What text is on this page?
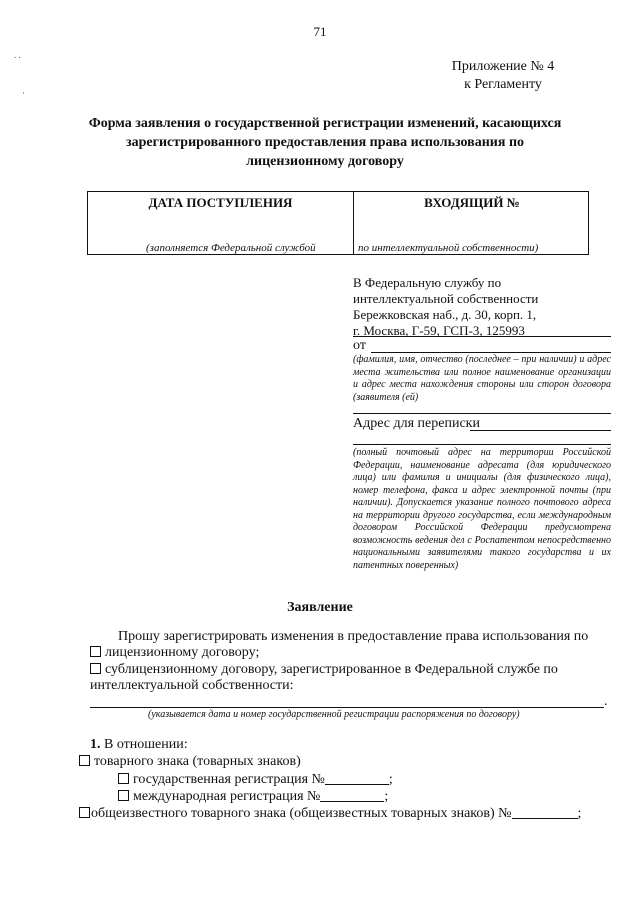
71
. .
·
Приложение № 4
к Регламенту
Форма заявления о государственной регистрации изменений, касающихся
зарегистрированного предоставления права использования по
лицензионному договору
ДАТА ПОСТУПЛЕНИЯ	ВХОДЯЩИЙ №
(заполняется Федеральной службой	по интеллектуальной собственности)
В Федеральную службу по
интеллектуальной собственности
Бережковская наб., д. 30, корп. 1,
г. Москва, Г-59, ГСП-3, 125993
от
(фамилия, имя, отчество (последнее – при наличии) и адрес места жительства или полное наименование организации и адрес места нахождения стороны или сторон договора (заявителя (ей)
Адрес для переписки
(полный почтовый адрес на территории Российской Федерации, наименование адресата (для юридического лица) или фамилия и инициалы (для физического лица), номер телефона, факса и адрес электронной почты (при наличии). Допускается указание полного почтового адреса на территории другого государства, если международным договором Российской Федерации предусмотрена возможность ведения дел с Роспатентом непосредственно национальными заявителями такого государства и их патентных поверенных)
Заявление
Прошу зарегистрировать изменения в предоставление права использования по
лицензионному договору;
сублицензионному договору, зарегистрированное в Федеральной службе по
интеллектуальной собственности:
.
(указывается дата и номер государственной регистрации распоряжения по договору)
1. В отношении:
товарного знака (товарных знаков)
государственная регистрация №	;
международная регистрация №	;
общеизвестного товарного знака (общеизвестных товарных знаков) №	;
